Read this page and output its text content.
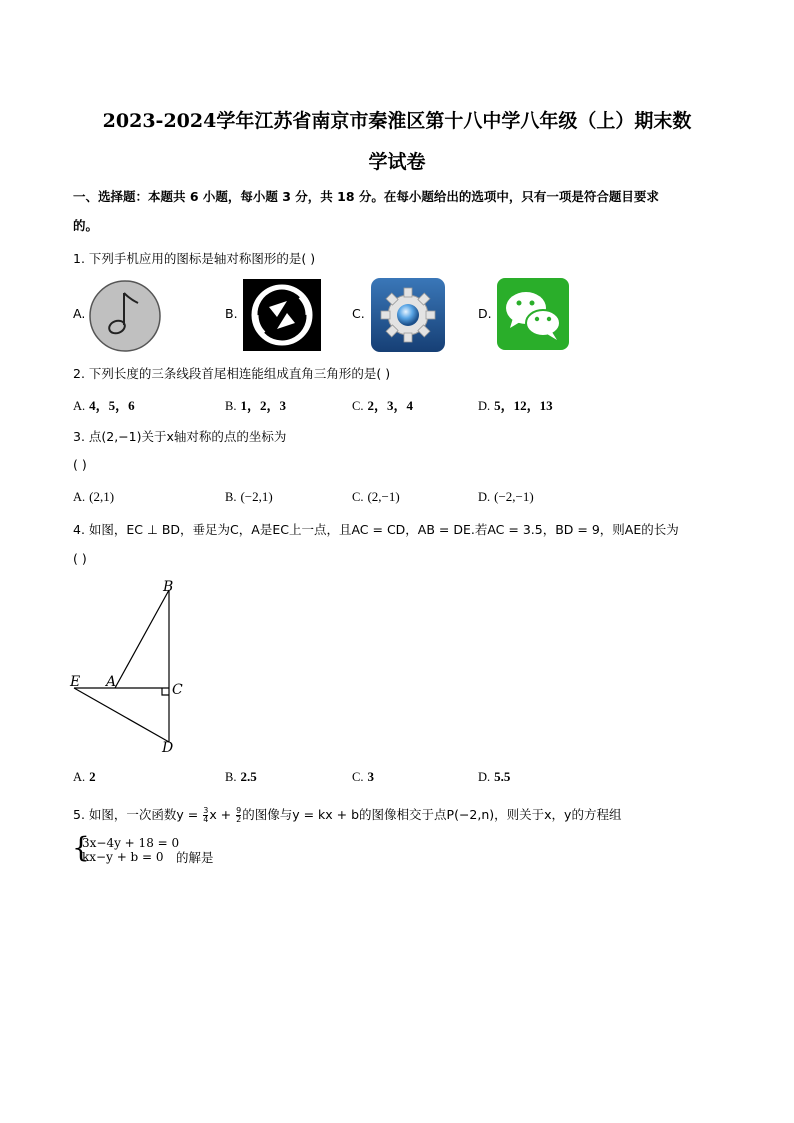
2023-2024学年江苏省南京市秦淮区第十八中学八年级（上）期末数
学试卷
一、选择题：本题共 6 小题，每小题 3 分，共 18 分。在每小题给出的选项中，只有一项是符合题目要求
的。
1. 下列手机应用的图标是轴对称图形的是( )
A.	B.	C.	D.
2. 下列长度的三条线段首尾相连能组成直角三角形的是( )
A. 4，5，6	B. 1，2，3	C. 2，3，4	D. 5，12，13
3. 点(2,−1)关于x轴对称的点的坐标为
( )
A. (2,1)	B. (−2,1)	C. (2,−1)	D. (−2,−1)
4. 如图，EC ⊥ BD，垂足为C，A是EC上一点，且AC = CD，AB = DE.若AC = 3.5，BD = 9，则AE的长为
( )
B
E A	C
D
A. 2	B. 2.5	C. 3	D. 5.5
5. 如图，一次函数$y = \frac{3}{4}$ $x + \frac{9}{2}$ 的图像与y = kx + b的图像相交于点P(−2,n)，则关于x，y的方程组
{
3x−4y + 18 = 0
kx−y + b = 0 的解是
